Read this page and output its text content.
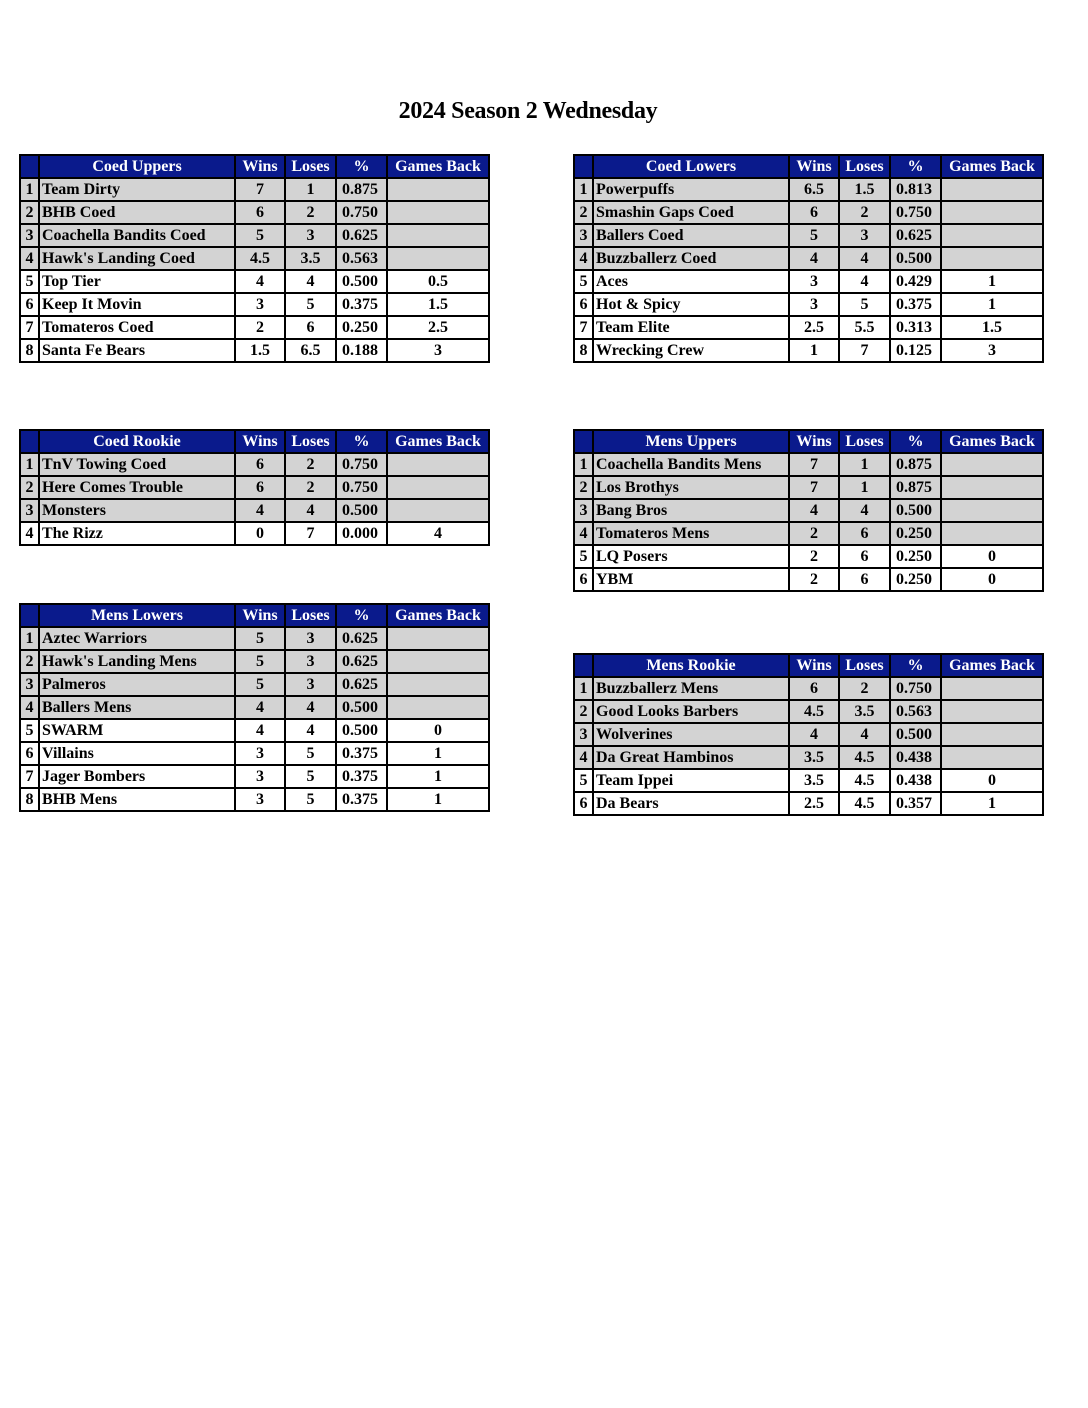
2024 Season 2 Wednesday
	Coed Uppers	Wins	Loses	%	Games Back
1	Team Dirty	7	1	0.875	
2	BHB Coed	6	2	0.750	
3	Coachella Bandits Coed	5	3	0.625	
4	Hawk's Landing Coed	4.5	3.5	0.563	
5	Top Tier	4	4	0.500	0.5
6	Keep It Movin	3	5	0.375	1.5
7	Tomateros Coed	2	6	0.250	2.5
8	Santa Fe Bears	1.5	6.5	0.188	3
	Coed Lowers	Wins	Loses	%	Games Back
1	Powerpuffs	6.5	1.5	0.813	
2	Smashin Gaps Coed	6	2	0.750	
3	Ballers Coed	5	3	0.625	
4	Buzzballerz Coed	4	4	0.500	
5	Aces	3	4	0.429	1
6	Hot & Spicy	3	5	0.375	1
7	Team Elite	2.5	5.5	0.313	1.5
8	Wrecking Crew	1	7	0.125	3
	Coed Rookie	Wins	Loses	%	Games Back
1	TnV Towing Coed	6	2	0.750	
2	Here Comes Trouble	6	2	0.750	
3	Monsters	4	4	0.500	
4	The Rizz	0	7	0.000	4
	Mens Uppers	Wins	Loses	%	Games Back
1	Coachella Bandits Mens	7	1	0.875	
2	Los Brothys	7	1	0.875	
3	Bang Bros	4	4	0.500	
4	Tomateros Mens	2	6	0.250	
5	LQ Posers	2	6	0.250	0
6	YBM	2	6	0.250	0
	Mens Lowers	Wins	Loses	%	Games Back
1	Aztec Warriors	5	3	0.625	
2	Hawk's Landing Mens	5	3	0.625	
3	Palmeros	5	3	0.625	
4	Ballers Mens	4	4	0.500	
5	SWARM	4	4	0.500	0
6	Villains	3	5	0.375	1
7	Jager Bombers	3	5	0.375	1
8	BHB Mens	3	5	0.375	1
	Mens Rookie	Wins	Loses	%	Games Back
1	Buzzballerz Mens	6	2	0.750	
2	Good Looks Barbers	4.5	3.5	0.563	
3	Wolverines	4	4	0.500	
4	Da Great Hambinos	3.5	4.5	0.438	
5	Team Ippei	3.5	4.5	0.438	0
6	Da Bears	2.5	4.5	0.357	1
